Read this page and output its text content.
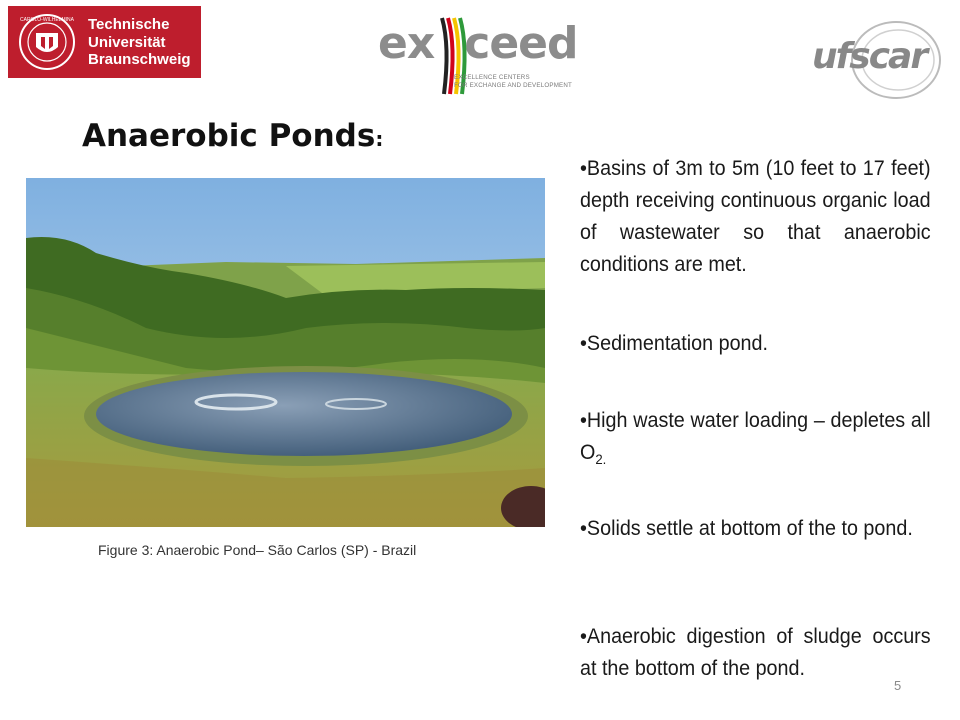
CAROLO-WILHELMINA Technische
Universität
Braunschweig	ex ceed
EXCELLENCE CENTERS
FOR EXCHANGE AND DEVELOPMENT
ufscar
Anaerobic Ponds:
Figure 3: Anaerobic Pond– São Carlos (SP) - Brazil
• Basins of 3m to 5m (10 feet to 17 feet) depth receiving continuous organic load of wastewater so that anaerobic conditions are met.
• Sedimentation pond.
• High waste water loading – depletes all $O_{2.}$
• Solids settle at bottom of the to pond.
• Anaerobic digestion of sludge occurs at the bottom of the pond.
5
